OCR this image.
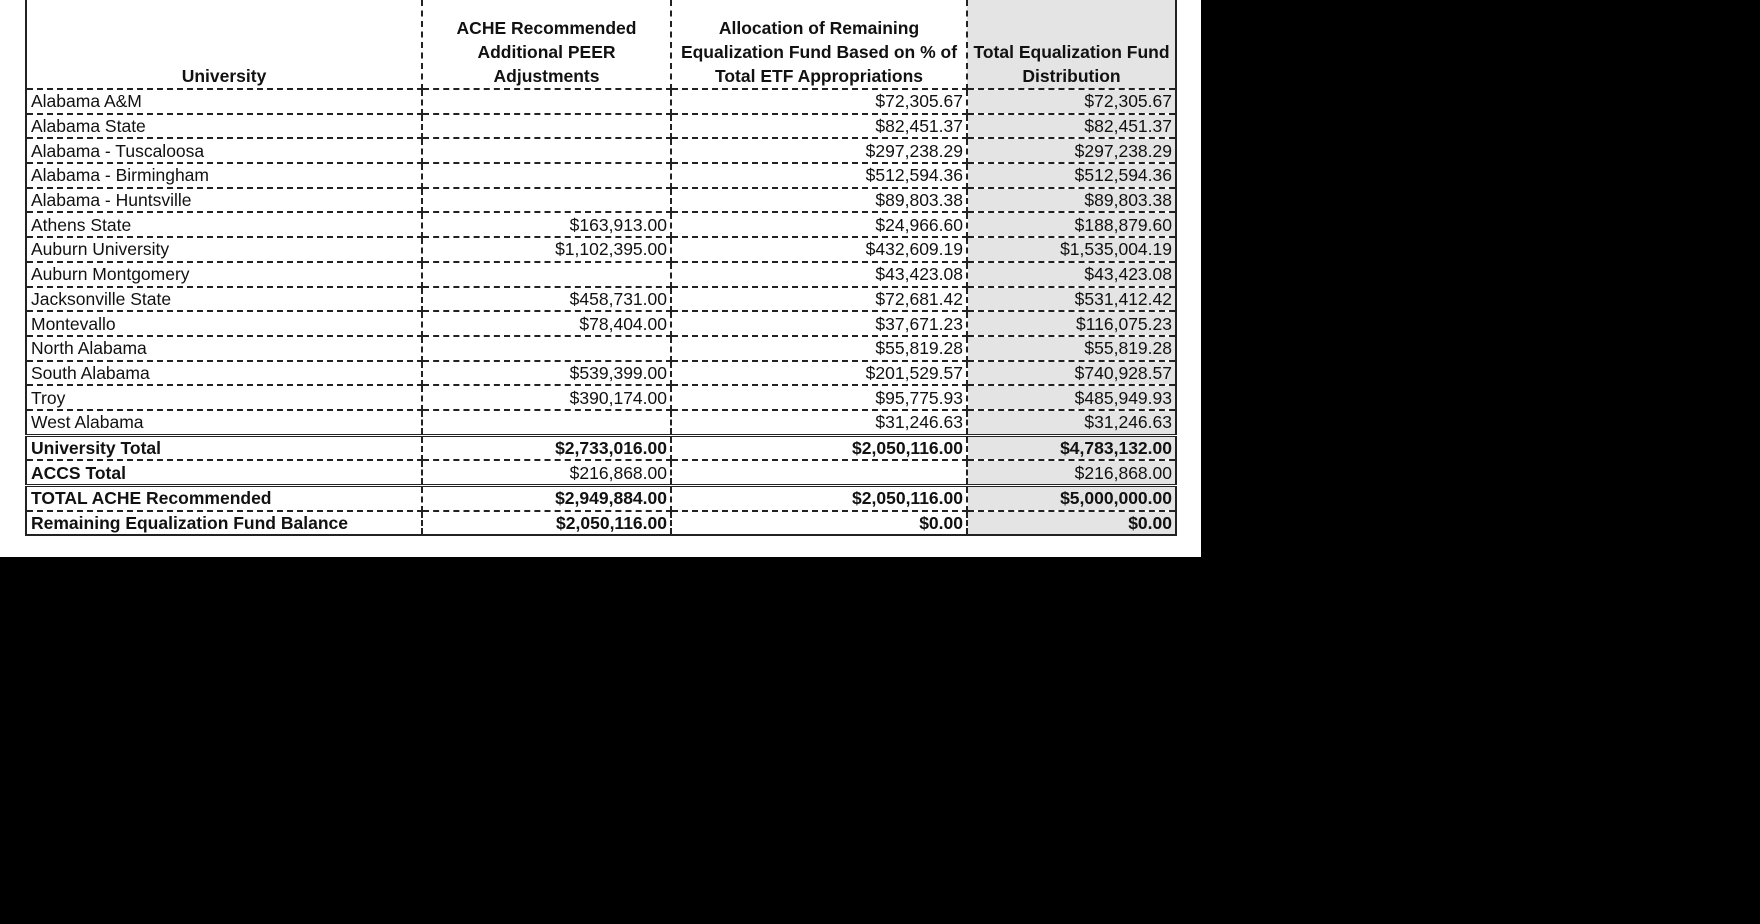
University	ACHE Recommended Additional PEER Adjustments	Allocation of Remaining Equalization Fund Based on % of Total ETF Appropriations	Total Equalization Fund Distribution
Alabama A&M		$72,305.67	$72,305.67
Alabama State		$82,451.37	$82,451.37
Alabama - Tuscaloosa		$297,238.29	$297,238.29
Alabama - Birmingham		$512,594.36	$512,594.36
Alabama - Huntsville		$89,803.38	$89,803.38
Athens State	$163,913.00	$24,966.60	$188,879.60
Auburn University	$1,102,395.00	$432,609.19	$1,535,004.19
Auburn Montgomery		$43,423.08	$43,423.08
Jacksonville State	$458,731.00	$72,681.42	$531,412.42
Montevallo	$78,404.00	$37,671.23	$116,075.23
North Alabama		$55,819.28	$55,819.28
South Alabama	$539,399.00	$201,529.57	$740,928.57
Troy	$390,174.00	$95,775.93	$485,949.93
West Alabama		$31,246.63	$31,246.63
University Total	$2,733,016.00	$2,050,116.00	$4,783,132.00
ACCS Total	$216,868.00		$216,868.00
TOTAL ACHE Recommended	$2,949,884.00	$2,050,116.00	$5,000,000.00
Remaining Equalization Fund Balance	$2,050,116.00	$0.00	$0.00
